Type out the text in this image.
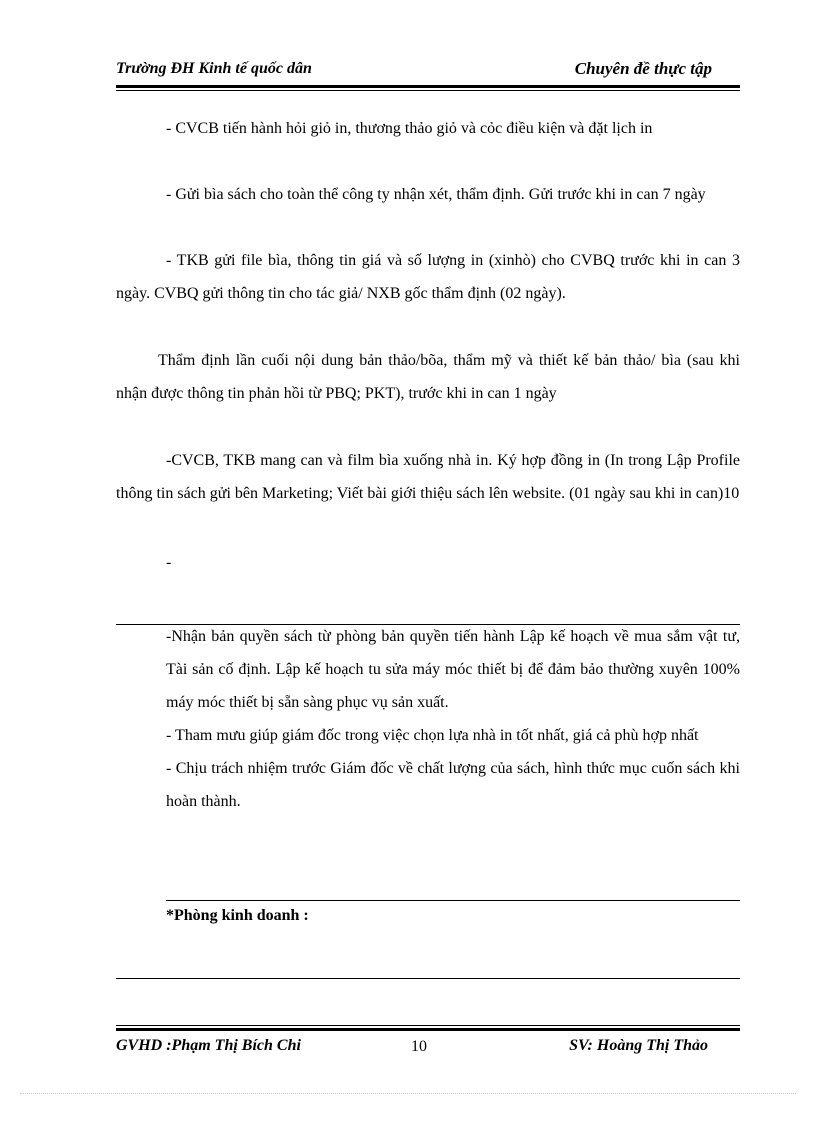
Trường ĐH Kinh tế quốc dân	Chuyên đề thực tập
- CVCB tiến hành hỏi giỏ in, thương thảo giỏ và cỏc điều kiện và đặt lịch in
- Gửi bìa sách cho toàn thể công ty nhận xét, thẩm định. Gửi trước khi in can 7 ngày
- TKB gửi file bìa, thông tin giá và số lượng in (xinhò) cho CVBQ trước khi in can 3 ngày. CVBQ gửi thông tin cho tác giả/ NXB gốc thẩm định (02 ngày).
Thẩm định lần cuối nội dung bản thảo/bõa, thẩm mỹ và thiết kế bản thảo/ bìa (sau khi nhận được thông tin phản hồi từ PBQ; PKT), trước khi in can 1 ngày
-CVCB, TKB mang can và film bìa xuống nhà in. Ký hợp đồng in (In trong Lập Profile thông tin sách gửi bên Marketing; Viết bài giới thiệu sách lên website. (01 ngày sau khi in can)10
-
-Nhận bản quyền sách từ phòng bản quyền tiến hành Lập kế hoạch về mua sắm vật tư, Tài sản cố định. Lập kế hoạch tu sửa máy móc thiết bị để đảm bảo thường xuyên 100% máy móc thiết bị sẵn sàng phục vụ sản xuất.
- Tham mưu giúp giám đốc trong việc chọn lựa nhà in tốt nhất, giá cả phù hợp nhất
- Chịu trách nhiệm trước Giám đốc về chất lượng của sách, hình thức mục cuốn sách khi hoàn thành.
*Phòng kinh doanh :
GVHD :Phạm Thị Bích Chi	10	SV: Hoàng Thị Thảo
